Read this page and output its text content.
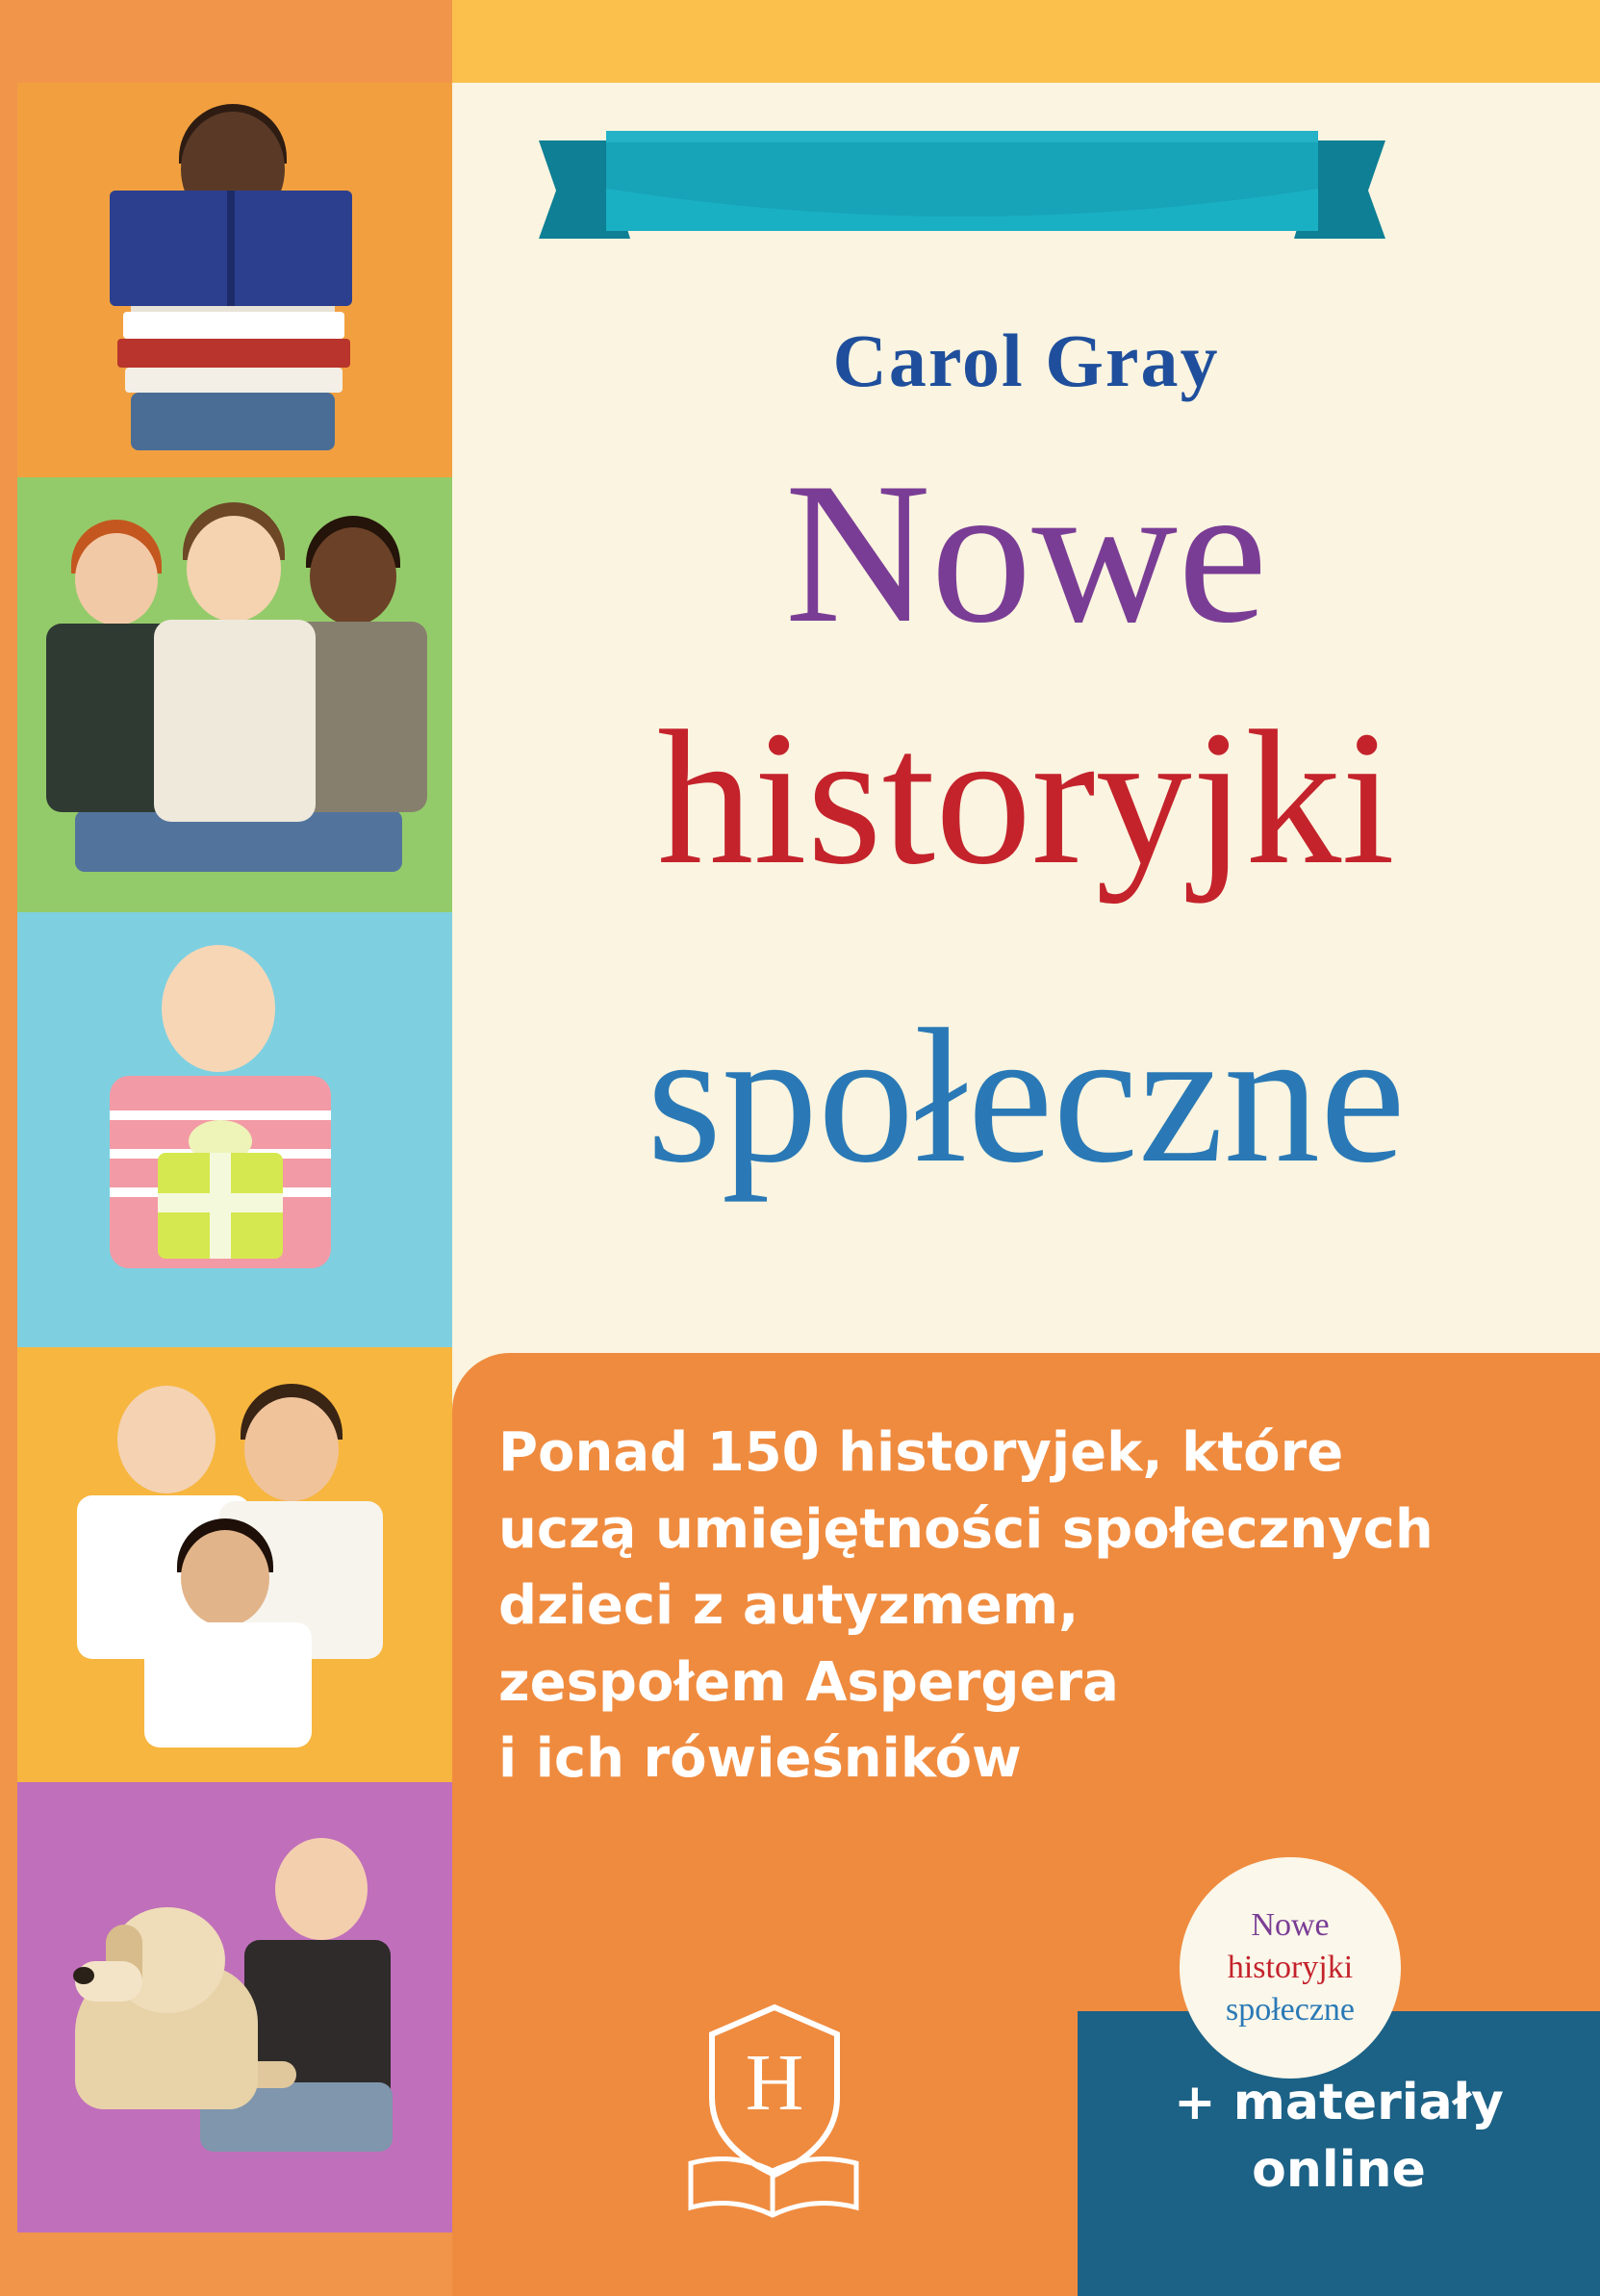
Carol Gray
Nowe
historyjki
społeczne
Ponad 150 historyjek, które
uczą umiejętności społecznych
dzieci z autyzmem,
zespołem Aspergera
i ich rówieśników
H
Nowe
historyjki
społeczne
+ materiały
online
